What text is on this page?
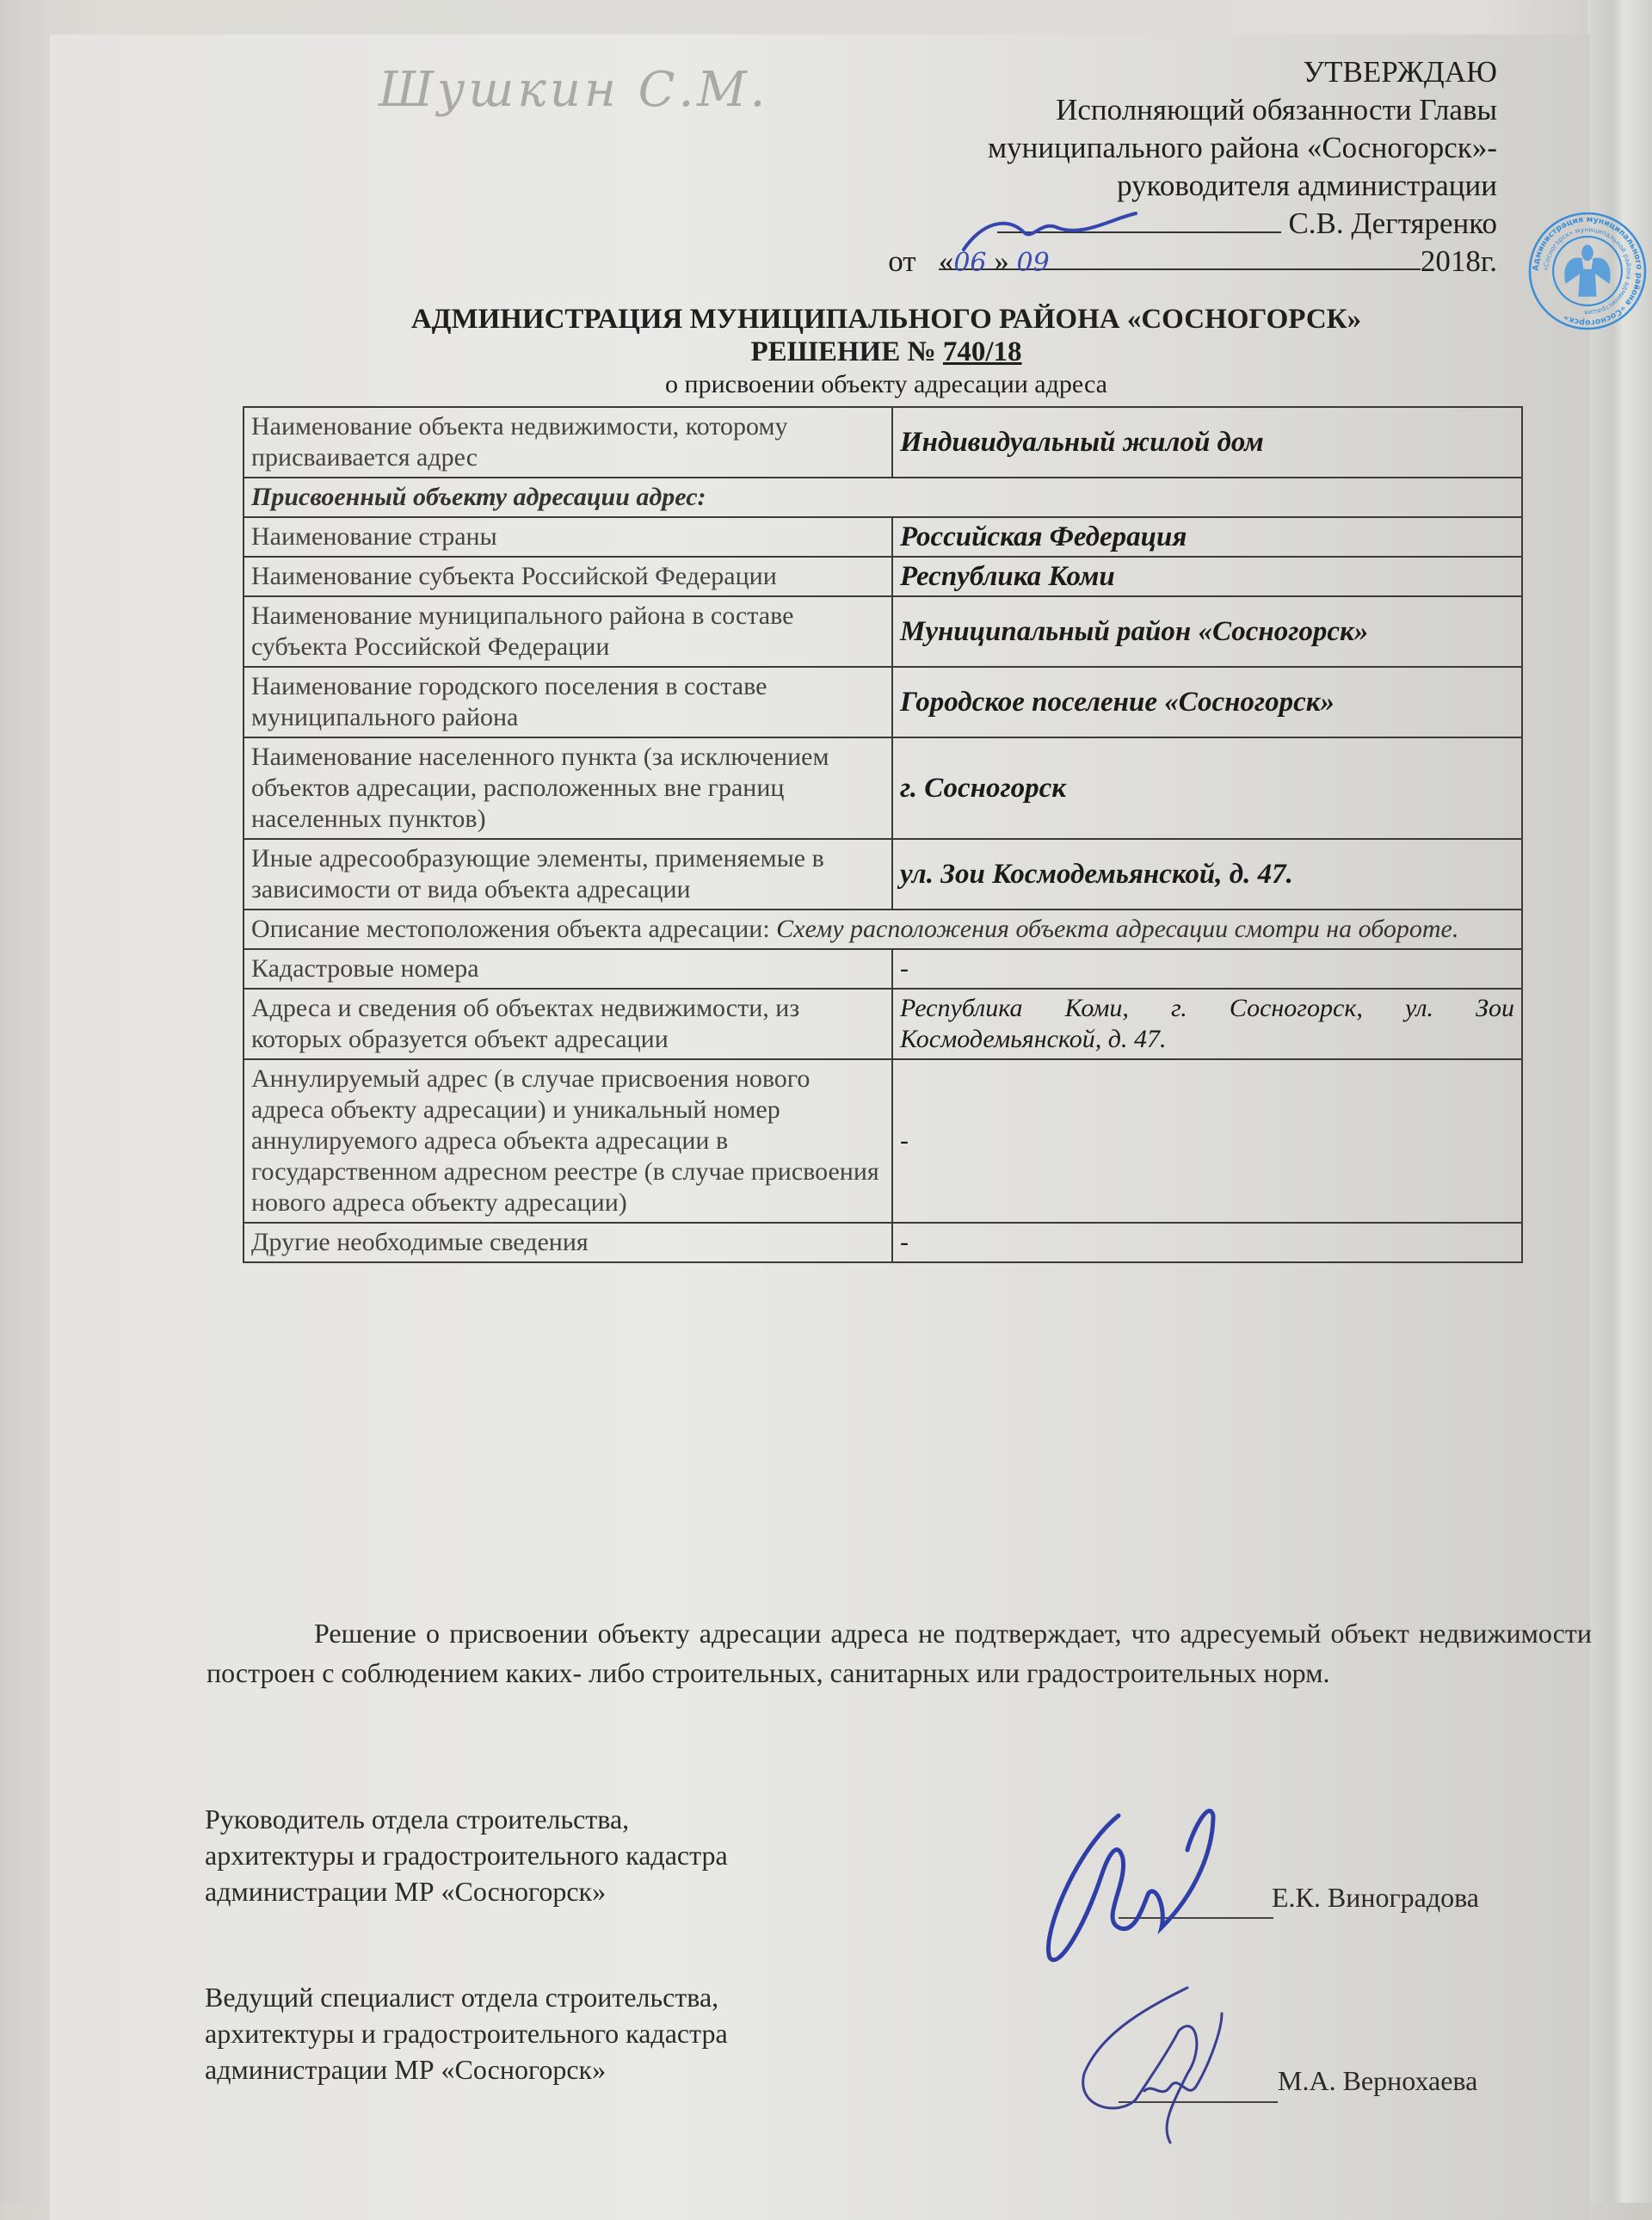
Шушкин С.М.	УТВЕРЖДАЮ
Исполняющий обязанности Главы
муниципального района «Сосногорск»-
руководителя администрации
С.В. Дегтяренко
от «06 » 09	2018г.
АДМИНИСТРАЦИЯ МУНИЦИПАЛЬНОГО РАЙОНА «СОСНОГОРСК»
РЕШЕНИЕ № 740/18
о присвоении объекту адресации адреса
Администрация муниципального района «Сосногорск»
«Сосногорск» муниципальной района администрация
Наименование объекта недвижимости, которому присваивается адрес	Индивидуальный жилой дом
Присвоенный объекту адресации адрес:	
Наименование страны	Российская Федерация
Наименование субъекта Российской Федерации	Республика Коми
Наименование муниципального района в составе субъекта Российской Федерации	Муниципальный район «Сосногорск»
Наименование городского поселения в составе муниципального района	Городское поселение «Сосногорск»
Наименование населенного пункта (за исключением объектов адресации, расположенных вне границ населенных пунктов)	г. Сосногорск
Иные адресообразующие элементы, применяемые в зависимости от вида объекта адресации	ул. Зои Космодемьянской, д. 47.
Описание местоположения объекта адресации: Схему расположения объекта адресации смотри на обороте.	
Кадастровые номера	-
Адреса и сведения об объектах недвижимости, из которых образуется объект адресации	Республика Коми, г. Сосногорск, ул. Зои Космодемьянской, д. 47.
Аннулируемый адрес (в случае присвоения нового адреса объекту адресации) и уникальный номер аннулируемого адреса объекта адресации в государственном адресном реестре (в случае присвоения нового адреса объекту адресации)	-
Другие необходимые сведения	-
Решение о присвоении объекту адресации адреса не подтверждает, что адресуемый объект недвижимости построен с соблюдением каких- либо строительных, санитарных или градостроительных норм.
Руководитель отдела строительства,
архитектуры и градостроительного кадастра
администрации МР «Сосногорск»	Е.К. Виноградова
Ведущий специалист отдела строительства,
архитектуры и градостроительного кадастра
администрации МР «Сосногорск»	М.А. Вернохаева
